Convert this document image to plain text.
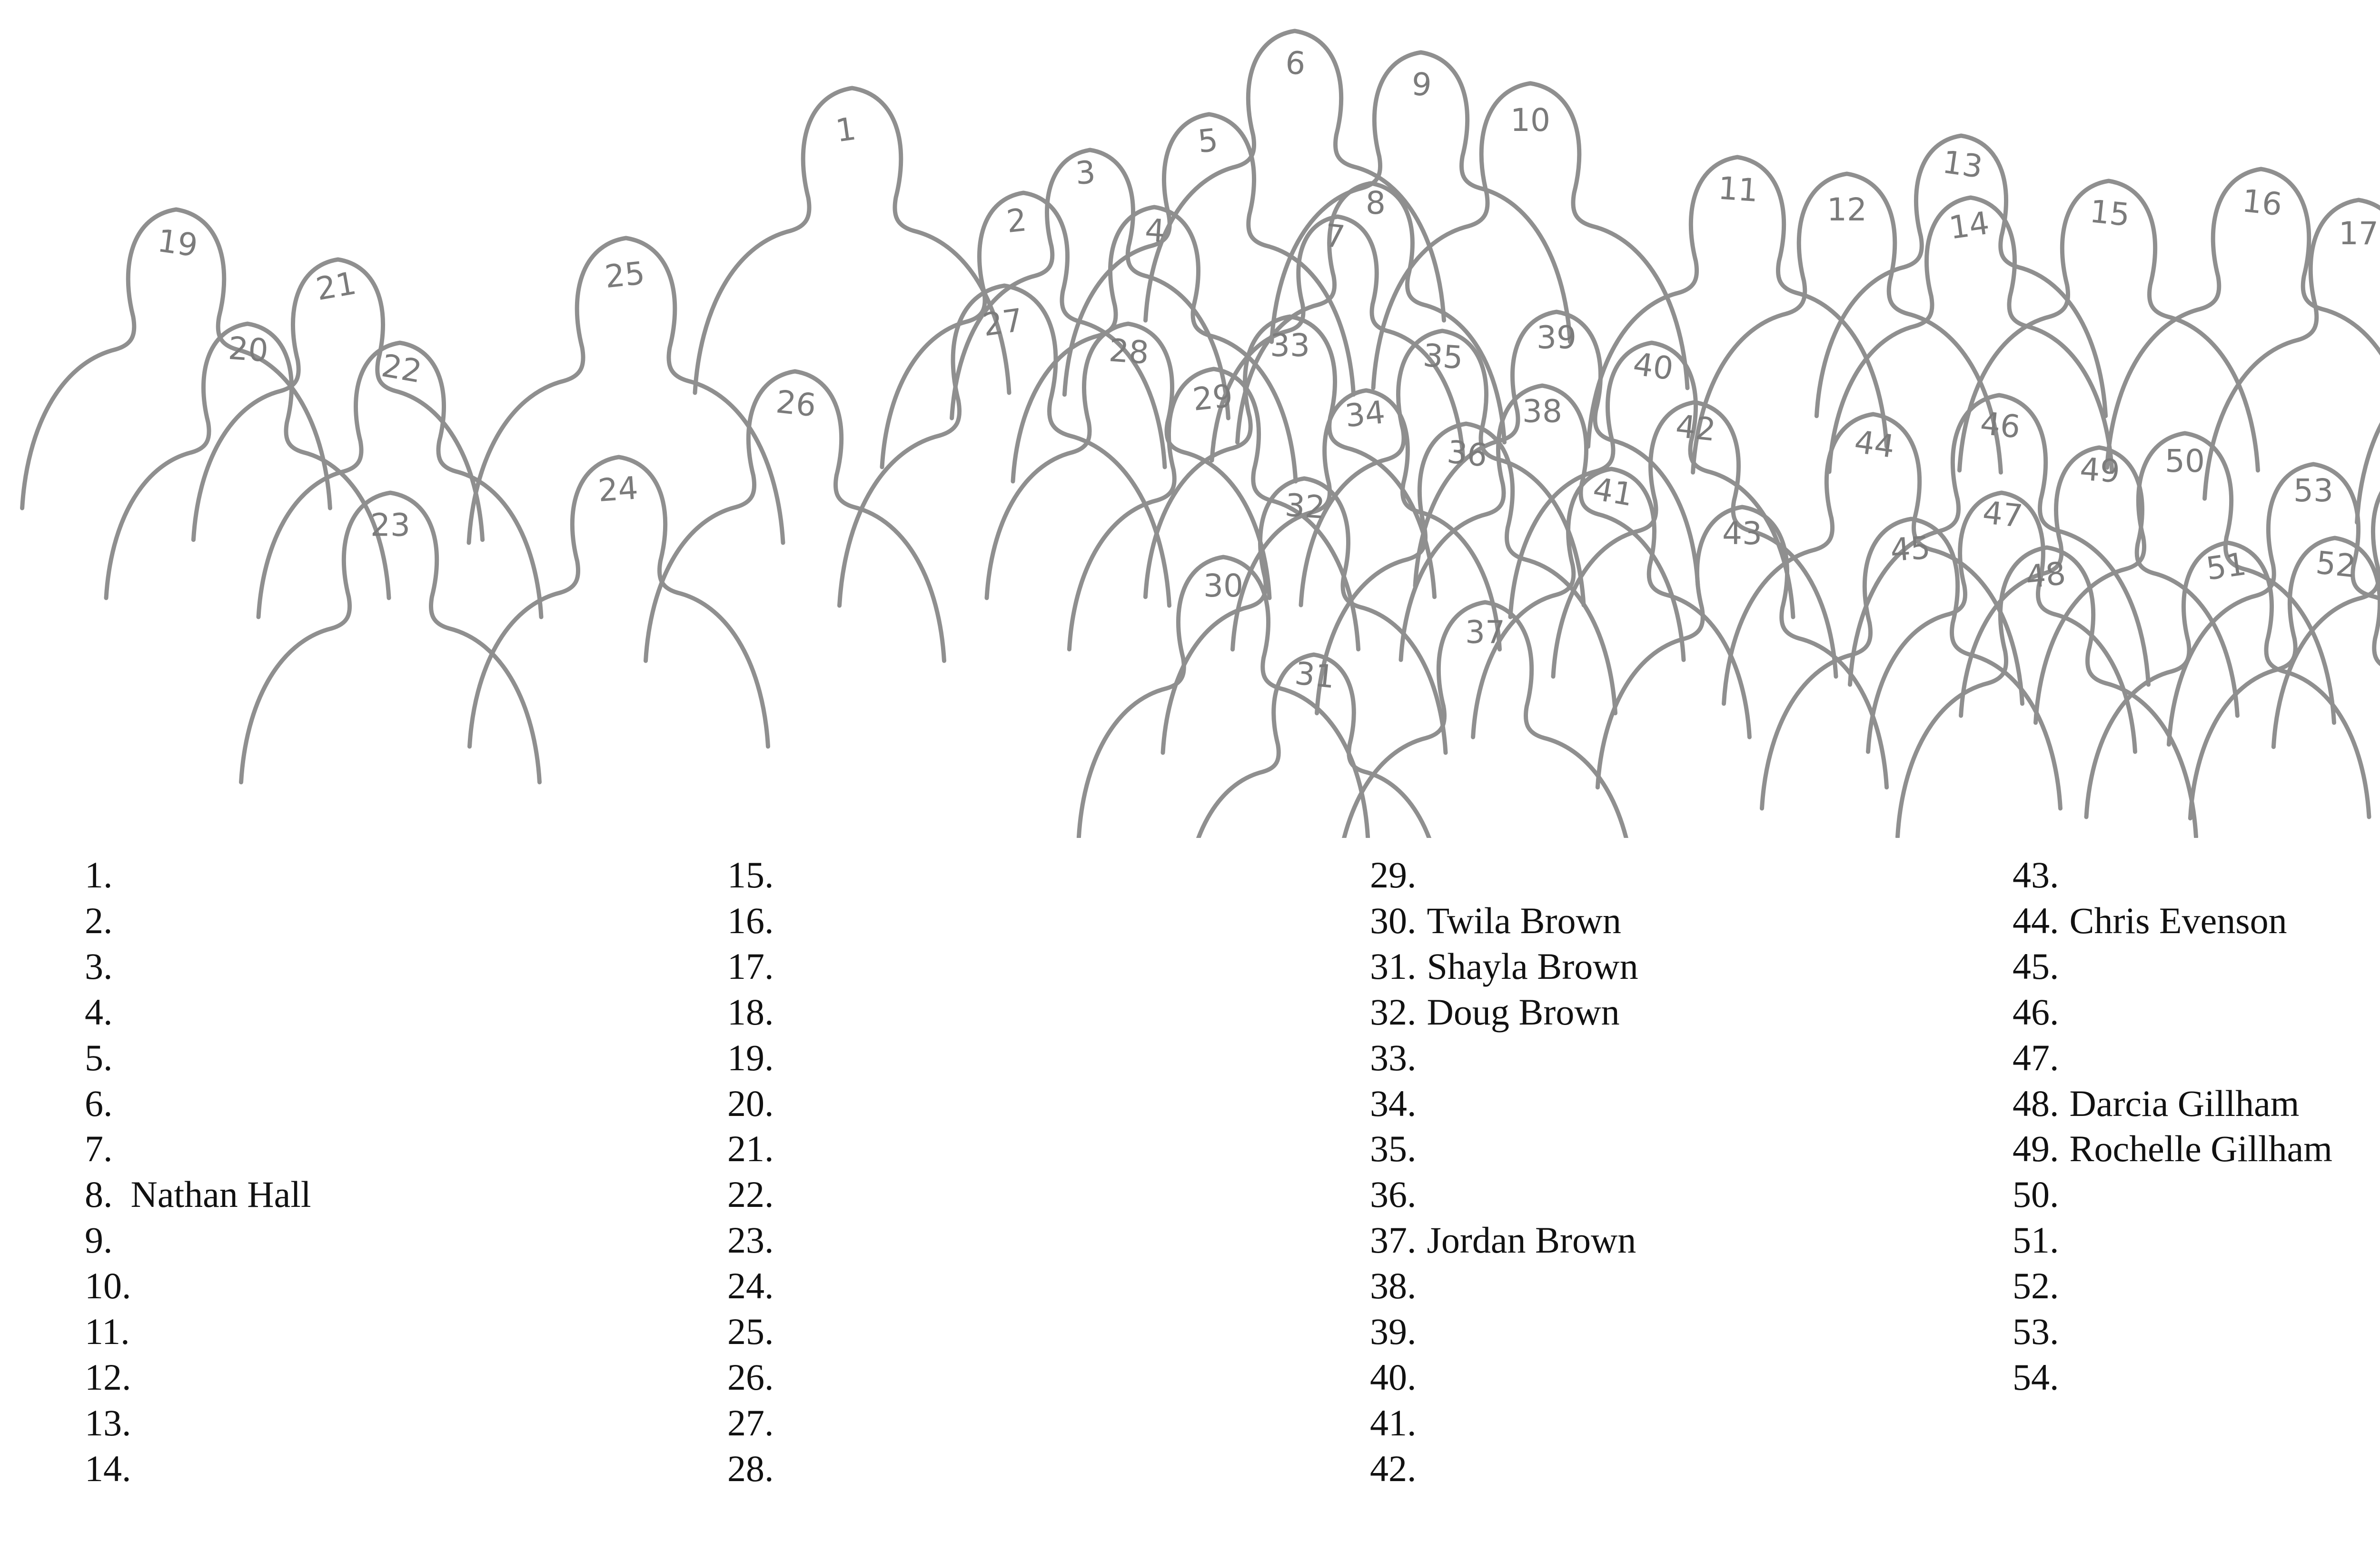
1
2
3
4
5
6
7
8
9
10
11
12
13
14	15	16
17
19
20
21
22
23
24
25
26
27
28
29
30
31
32
33
34
35
36
37
38
39
40
41
42
43
44
45
46
47
48
49 50
51 52
53
1.
2.
3.
4.
5.
6.
7.
8. Nathan Hall
9.
10.
11.
12.
13.
14.
15.
16.
17.
18.
19.
20.
21.
22.
23.
24.
25.
26.
27.
28.
29.
30. Twila Brown
31. Shayla Brown
32. Doug Brown
33.
34.
35.
36.
37. Jordan Brown
38.
39.
40.
41.
42.
43.
44. Chris Evenson
45.
46.
47.
48. Darcia Gillham
49. Rochelle Gillham
50.
51.
52.
53.
54.
